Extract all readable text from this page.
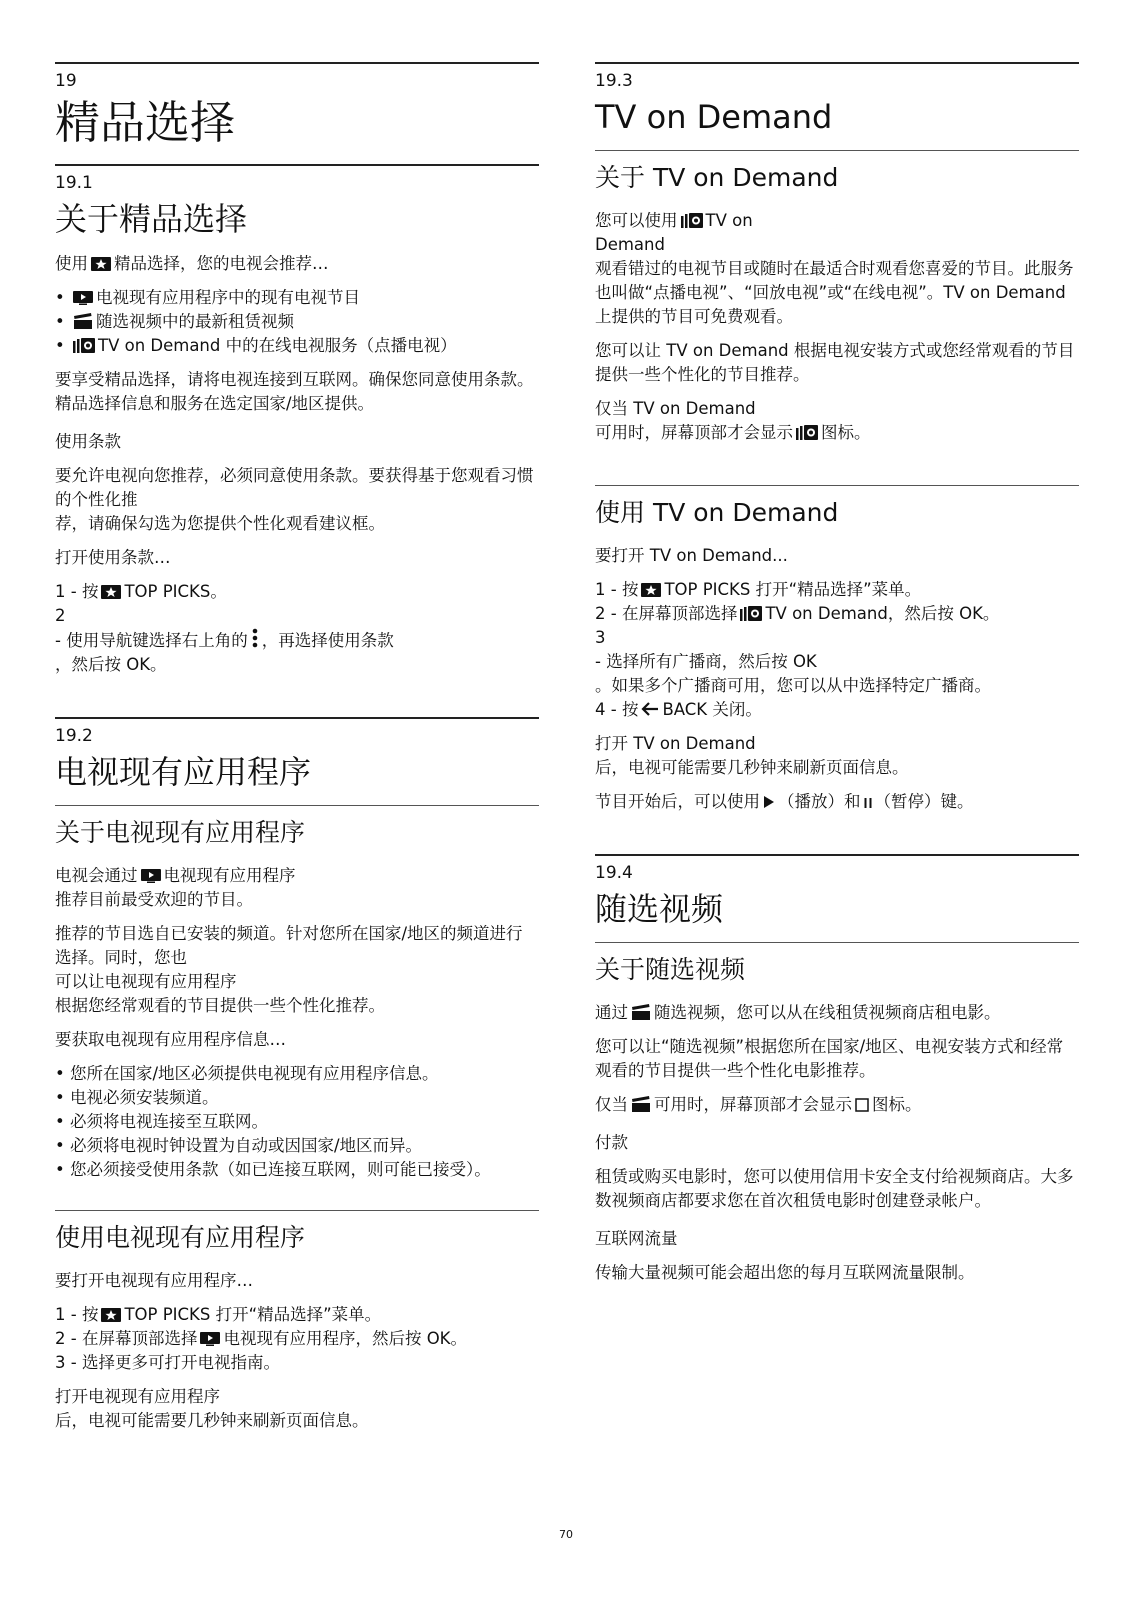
19
精品选择
19.1
关于精品选择

使用 精品选择，您的电视会推荐…

•
电视现有应用程序中的现有电视节目
•
随选视频中的最新租赁视频
•
TV on Demand 中的在线电视服务（点播电视）

要享受精品选择，请将电视连接到互联网。确保您同意使用条款。精品选择信息和服务在选定国家/地区提供。

使用条款

要允许电视向您推荐，必须同意使用条款。要获得基于您观看习惯的个性化推
荐，请确保勾选为您提供个性化观看建议框。

打开使用条款…

1 - 按 TOP PICKS。
2
- 使用导航键选择右上角的 ，再选择使用条款
，然后按 OK。

19.2
电视现有应用程序
关于电视现有应用程序

电视会通过 电视现有应用程序
推荐目前最受欢迎的节目。

推荐的节目选自已安装的频道。针对您所在国家/地区的频道进行选择。同时，您也
可以让电视现有应用程序
根据您经常观看的节目提供一些个性化推荐。

要获取电视现有应用程序信息…

• 您所在国家/地区必须提供电视现有应用程序信息。
• 电视必须安装频道。
• 必须将电视连接至互联网。
• 必须将电视时钟设置为自动或因国家/地区而异。
• 您必须接受使用条款（如已连接互联网，则可能已接受）。
使用电视现有应用程序

要打开电视现有应用程序…

1 - 按 TOP PICKS 打开“精品选择”菜单。
2 - 在屏幕顶部选择 电视现有应用程序，然后按 OK。
3 - 选择更多可打开电视指南。

打开电视现有应用程序
后，电视可能需要几秒钟来刷新页面信息。

19.3
TV on Demand
关于 TV on Demand

您可以使用 TV on
Demand
观看错过的电视节目或随时在最适合时观看您喜爱的节目。此服务也叫做“点播电视”、“回放电视”或“在线电视”。TV on Demand 上提供的节目可免费观看。

您可以让 TV on Demand 根据电视安装方式或您经常观看的节目提供一些个性化的节目推荐。

仅当 TV on Demand
可用时，屏幕顶部才会显示 图标。

使用 TV on Demand

要打开 TV on Demand...

1 - 按 TOP PICKS 打开“精品选择”菜单。
2 - 在屏幕顶部选择 TV on Demand，然后按 OK。
3
- 选择所有广播商，然后按 OK
。如果多个广播商可用，您可以从中选择特定广播商。
4 - 按 BACK 关闭。

打开 TV on Demand
后，电视可能需要几秒钟来刷新页面信息。

节目开始后，可以使用 （播放）和 （暂停）键。

19.4
随选视频
关于随选视频

通过 随选视频，您可以从在线租赁视频商店租电影。

您可以让“随选视频”根据您所在国家/地区、电视安装方式和经常观看的节目提供一些个性化电影推荐。

仅当 可用时，屏幕顶部才会显示 图标。

付款

租赁或购买电影时，您可以使用信用卡安全支付给视频商店。大多数视频商店都要求您在首次租赁电影时创建登录帐户。

互联网流量

传输大量视频可能会超出您的每月互联网流量限制。

70
